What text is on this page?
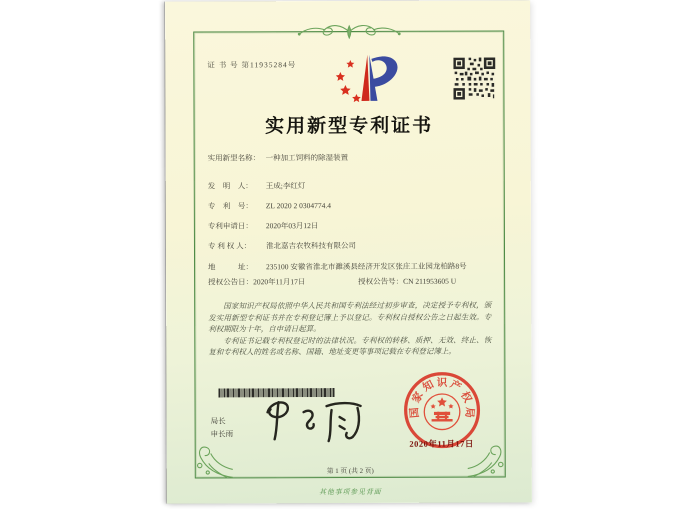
证 书 号 第11935284号
实用新型专利证书
实用新型名称： 一种加工饲料的除湿装置
发　明　人：	王成;李红灯
专　利　号：	ZL 2020 2 0304774.4
专利申请日：	2020年03月12日
专 利 权 人：	淮北嘉吉农牧科技有限公司
地　　　址：	235100 安徽省淮北市濉溪县经济开发区张庄工业园龙柏路8号
授权公告日： 2020年11月17日	授权公告号： CN 211953605 U

国家知识产权局依照中华人民共和国专利法经过初步审查，决定授予专利权，颁发实用新型专利证书并在专利登记簿上予以登记。专利权自授权公告之日起生效。专利权期限为十年，自申请日起算。

专利证书记载专利权登记时的法律状况。专利权的转移、质押、无效、终止、恢复和专利权人的姓名或名称、国籍、地址变更等事项记载在专利登记簿上。

局长
申长雨
国
家
知 识 产
权
局
2020年11月17日
第 1 页 (共 2 页)
其他事项参见背面
